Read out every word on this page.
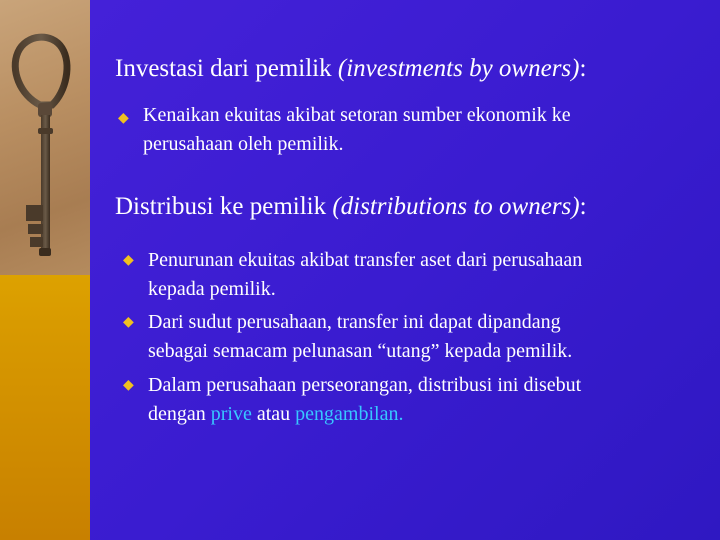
Investasi dari pemilik (investments by owners):
◆ Kenaikan ekuitas akibat setoran sumber ekonomik ke
perusahaan oleh pemilik.
Distribusi ke pemilik (distributions to owners):
◆ Penurunan ekuitas akibat transfer aset dari perusahaan
kepada pemilik.
◆ Dari sudut perusahaan, transfer ini dapat dipandang
sebagai semacam pelunasan “utang” kepada pemilik.
◆ Dalam perusahaan perseorangan, distribusi ini disebut
dengan prive atau pengambilan.
